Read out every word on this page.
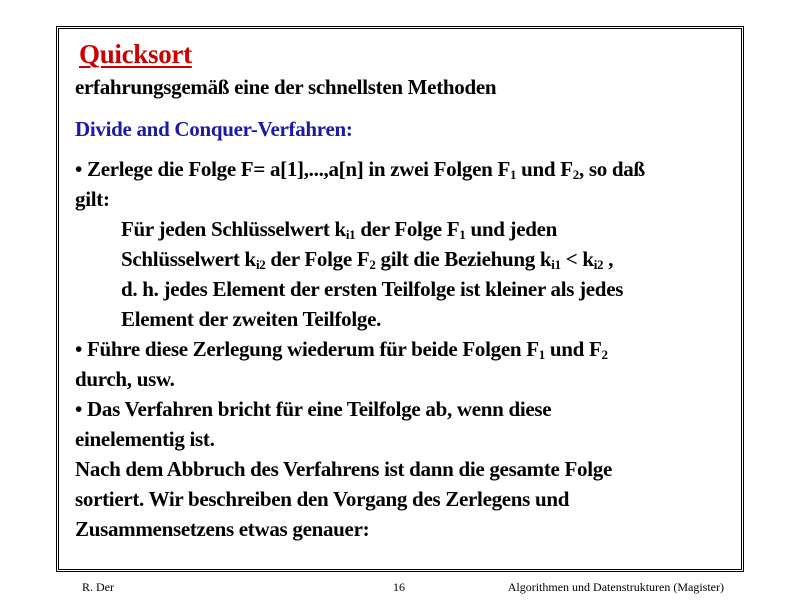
Quicksort
erfahrungsgemäß eine der schnellsten Methoden
Divide and Conquer-Verfahren:
• Zerlege die Folge F= a[1],...,a[n] in zwei Folgen $F_1$ und $F_2$, so daß
gilt:
Für jeden Schlüsselwert $k_{i1}$ der Folge $F_1$ und jeden
Schlüsselwert $k_{i2}$ der Folge $F_2$ gilt die Beziehung $k_{i1} < k_{i2}$ ,
d. h. jedes Element der ersten Teilfolge ist kleiner als jedes
Element der zweiten Teilfolge.
• Führe diese Zerlegung wiederum für beide Folgen $F_1$ und $F_2$
durch, usw.
• Das Verfahren bricht für eine Teilfolge ab, wenn diese
einelementig ist.
Nach dem Abbruch des Verfahrens ist dann die gesamte Folge
sortiert. Wir beschreiben den Vorgang des Zerlegens und
Zusammensetzens etwas genauer:
R. Der	16	Algorithmen und Datenstrukturen (Magister)
